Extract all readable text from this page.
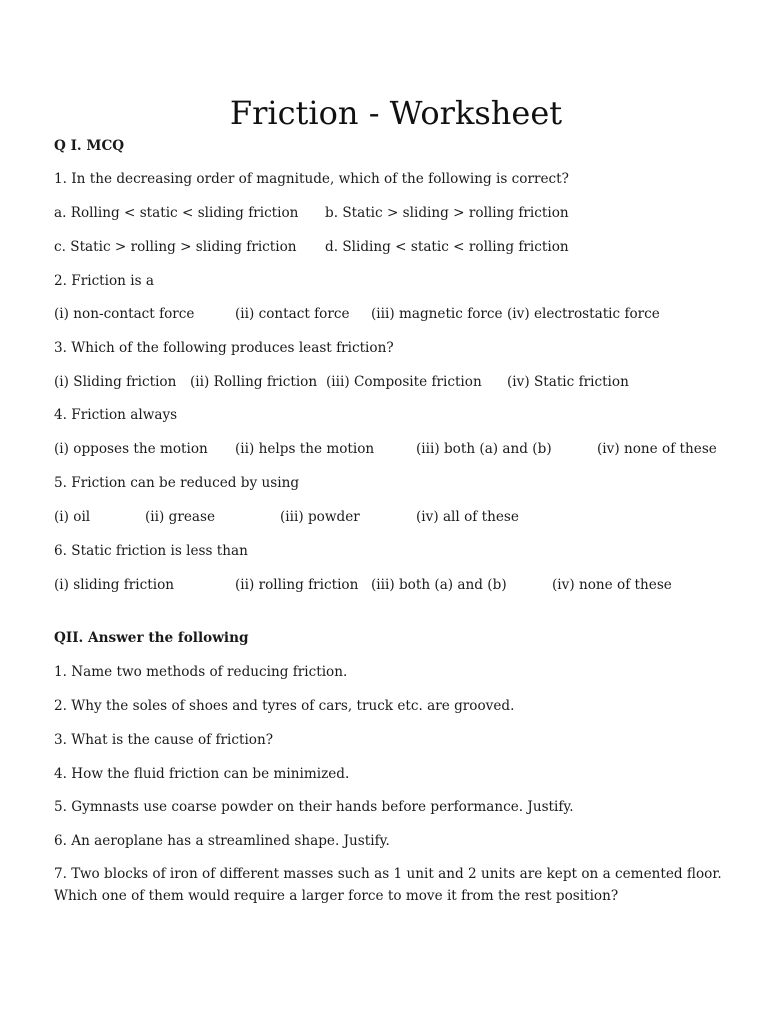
Friction - Worksheet
Q I. MCQ
1. In the decreasing order of magnitude, which of the following is correct?
a. Rolling < static < sliding friction b. Static > sliding > rolling friction
c. Static > rolling > sliding friction d. Sliding < static < rolling friction
2. Friction is a
(i) non-contact force	(ii) contact force (iii) magnetic force (iv) electrostatic force
3. Which of the following produces least friction?
(i) Sliding friction (ii) Rolling friction (iii) Composite friction (iv) Static friction
4. Friction always
(i) opposes the motion (ii) helps the motion	(iii) both (a) and (b)	(iv) none of these
5. Friction can be reduced by using
(i) oil	(ii) grease	(iii) powder	(iv) all of these
6. Static friction is less than
(i) sliding friction	(ii) rolling friction (iii) both (a) and (b)	(iv) none of these
QII. Answer the following
1. Name two methods of reducing friction.
2. Why the soles of shoes and tyres of cars, truck etc. are grooved.
3. What is the cause of friction?
4. How the fluid friction can be minimized.
5. Gymnasts use coarse powder on their hands before performance. Justify.
6. An aeroplane has a streamlined shape. Justify.
7. Two blocks of iron of different masses such as 1 unit and 2 units are kept on a cemented floor. Which one of them would require a larger force to move it from the rest position?
